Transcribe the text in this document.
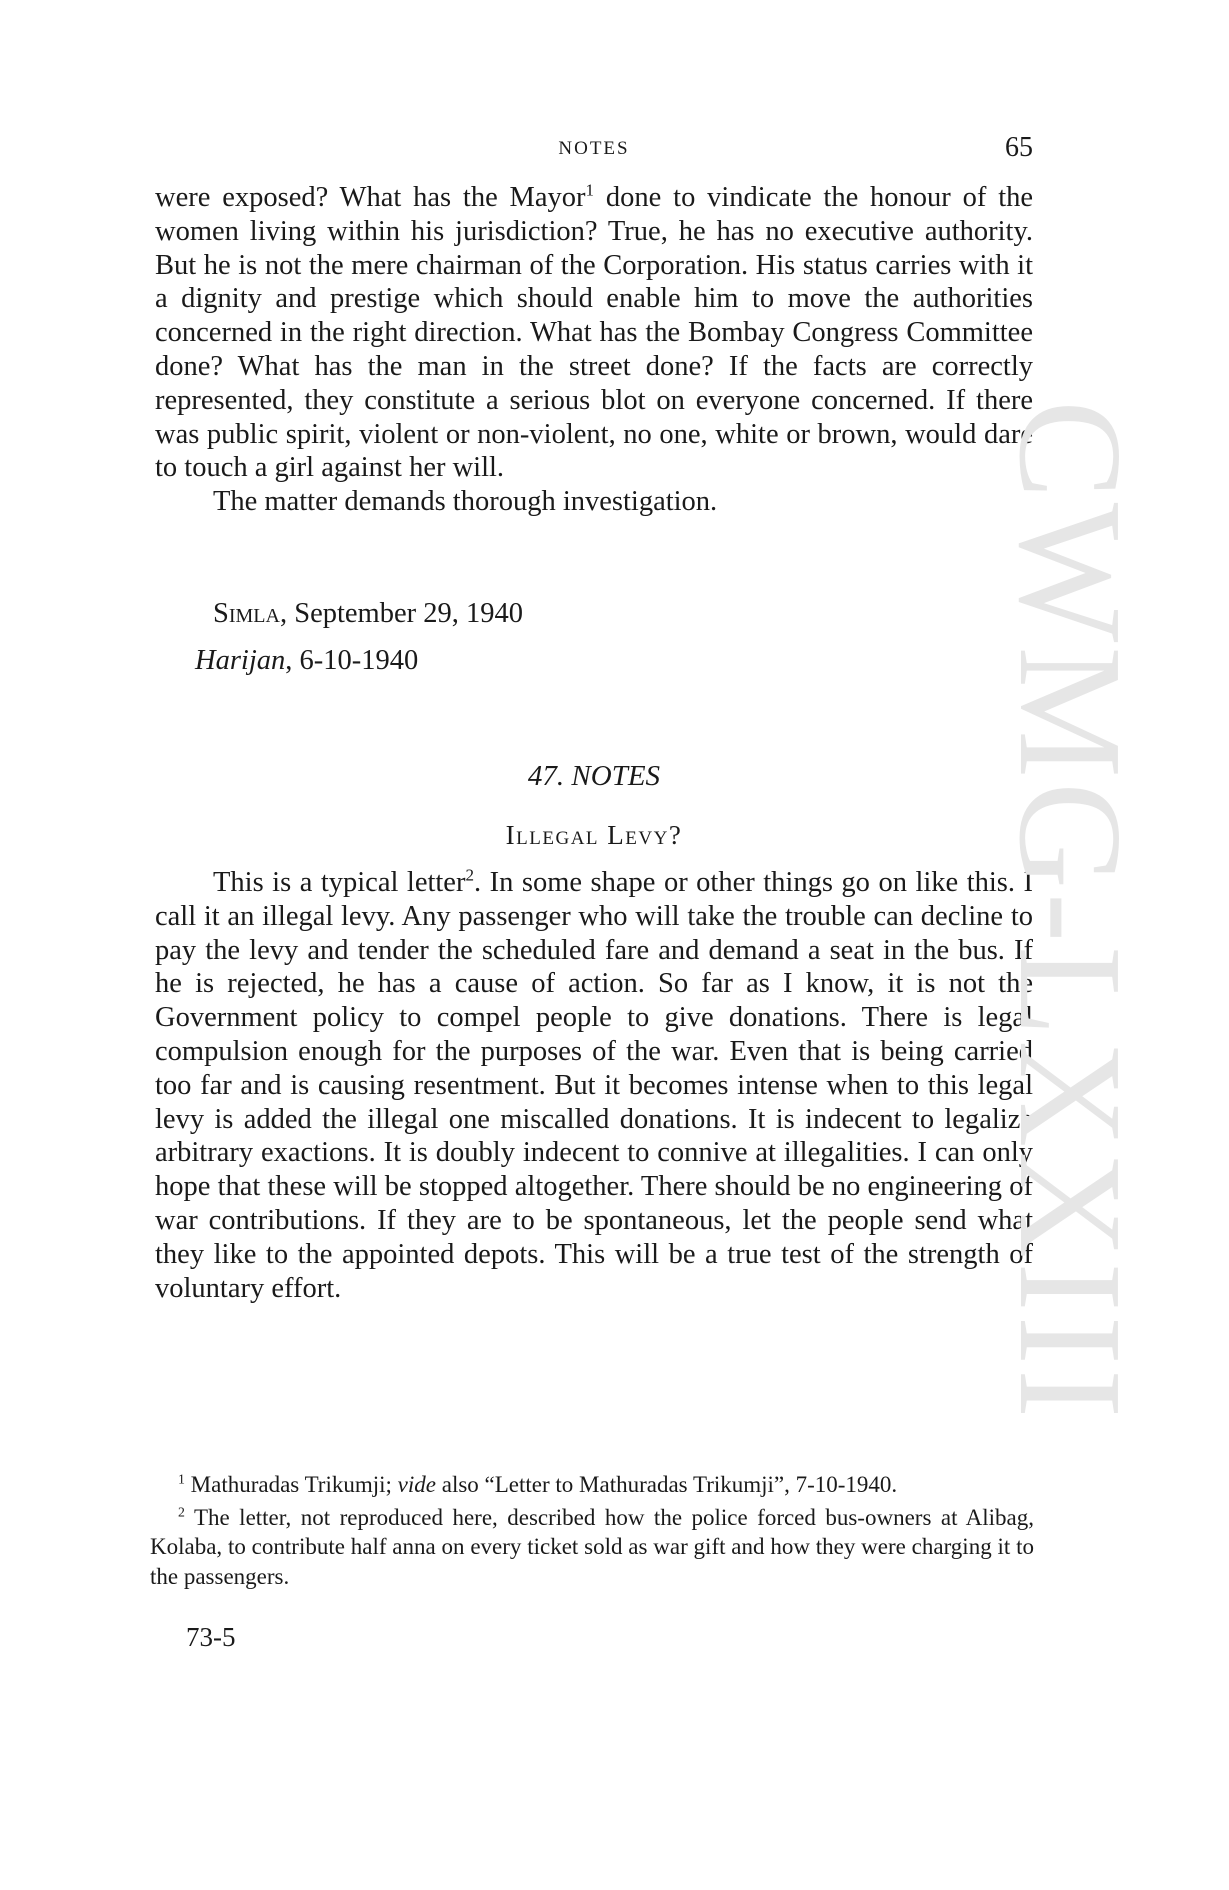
NOTES	65

were exposed? What has the Mayor$^1$ done to vindicate the honour of the women living within his jurisdiction? True, he has no executive authority. But he is not the mere chairman of the Corporation. His status carries with it a dignity and prestige which should enable him to move the authorities concerned in the right direction. What has the Bombay Congress Committee done? What has the man in the street done? If the facts are correctly represented, they constitute a serious blot on everyone concerned. If there was public spirit, violent or non-violent, no one, white or brown, would dare to touch a girl against her will.

The matter demands thorough investigation.

Simla, September 29, 1940
Harijan, 6-10-1940
47. NOTES
Illegal Levy?

This is a typical letter$^2$. In some shape or other things go on like this. I call it an illegal levy. Any passenger who will take the trouble can decline to pay the levy and tender the scheduled fare and demand a seat in the bus. If he is rejected, he has a cause of action. So far as I know, it is not the Government policy to compel people to give donations. There is legal compulsion enough for the purposes of the war. Even that is being carried too far and is causing resentment. But it becomes intense when to this legal levy is added the illegal one miscalled donations. It is indecent to legalize arbitrary exactions. It is doubly indecent to connive at illegalities. I can only hope that these will be stopped altogether. There should be no engineering of war contributions. If they are to be spontaneous, let the people send what they like to the appointed depots. This will be a true test of the strength of voluntary effort.

$^1$ Mathuradas Trikumji; vide also “Letter to Mathuradas Trikumji”, 7-10-1940.

$^2$ The letter, not reproduced here, described how the police forced bus-owners at Alibag, Kolaba, to contribute half anna on every ticket sold as war gift and how they were charging it to the passengers.

73-5
CWMG-LXXIII
